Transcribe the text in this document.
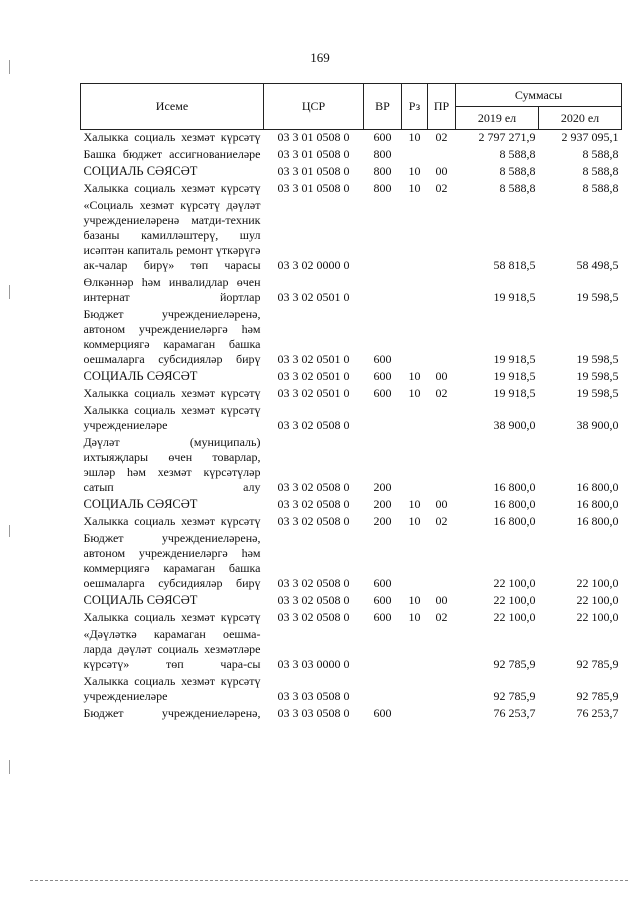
169
Исеме	ЦСР	ВР	Рз	ПР	Суммасы	
					2019 ел	2020 ел
Халыкка социаль хезмәт күрсәтү	03 3 01 0508 0	600	10	02	2 797 271,9	2 937 095,1
Башка бюджет ассигнованиеләре	03 3 01 0508 0	800			8 588,8	8 588,8
СОЦИАЛЬ СӘЯСӘТ	03 3 01 0508 0	800	10	00	8 588,8	8 588,8
Халыкка социаль хезмәт күрсәтү	03 3 01 0508 0	800	10	02	8 588,8	8 588,8
«Социаль хезмәт күрсәтү дәүләт учреждениеләренә матди-техник базаны камилләштерү, шул исәптән капиталь ремонт үткәрүгә ак-чалар бирү» төп чарасы	03 3 02 0000 0				58 818,5	58 498,5
Өлкәннәр һәм инвалидлар өчен интернат йортлар	03 3 02 0501 0				19 918,5	19 598,5
Бюджет учреждениеләренә, автоном учреждениеләргә һәм коммерциягә карамаган башка оешмаларга субсидияләр бирү	03 3 02 0501 0	600			19 918,5	19 598,5
СОЦИАЛЬ СӘЯСӘТ	03 3 02 0501 0	600	10	00	19 918,5	19 598,5
Халыкка социаль хезмәт күрсәтү	03 3 02 0501 0	600	10	02	19 918,5	19 598,5
Халыкка социаль хезмәт күрсәтү учреждениеләре	03 3 02 0508 0				38 900,0	38 900,0
Дәүләт (муниципаль) ихтыяҗлары өчен товарлар, эшләр һәм хезмәт күрсәтүләр сатып алу	03 3 02 0508 0	200			16 800,0	16 800,0
СОЦИАЛЬ СӘЯСӘТ	03 3 02 0508 0	200	10	00	16 800,0	16 800,0
Халыкка социаль хезмәт күрсәтү	03 3 02 0508 0	200	10	02	16 800,0	16 800,0
Бюджет учреждениеләренә, автоном учреждениеләргә һәм коммерциягә карамаган башка оешмаларга субсидияләр бирү	03 3 02 0508 0	600			22 100,0	22 100,0
СОЦИАЛЬ СӘЯСӘТ	03 3 02 0508 0	600	10	00	22 100,0	22 100,0
Халыкка социаль хезмәт күрсәтү	03 3 02 0508 0	600	10	02	22 100,0	22 100,0
«Дәүләткә карамаган оешма-ларда дәүләт социаль хезмәтләре күрсәтү» төп чара-сы	03 3 03 0000 0				92 785,9	92 785,9
Халыкка социаль хезмәт күрсәтү учреждениеләре	03 3 03 0508 0				92 785,9	92 785,9
Бюджет учреждениеләренә,	03 3 03 0508 0	600			76 253,7	76 253,7
